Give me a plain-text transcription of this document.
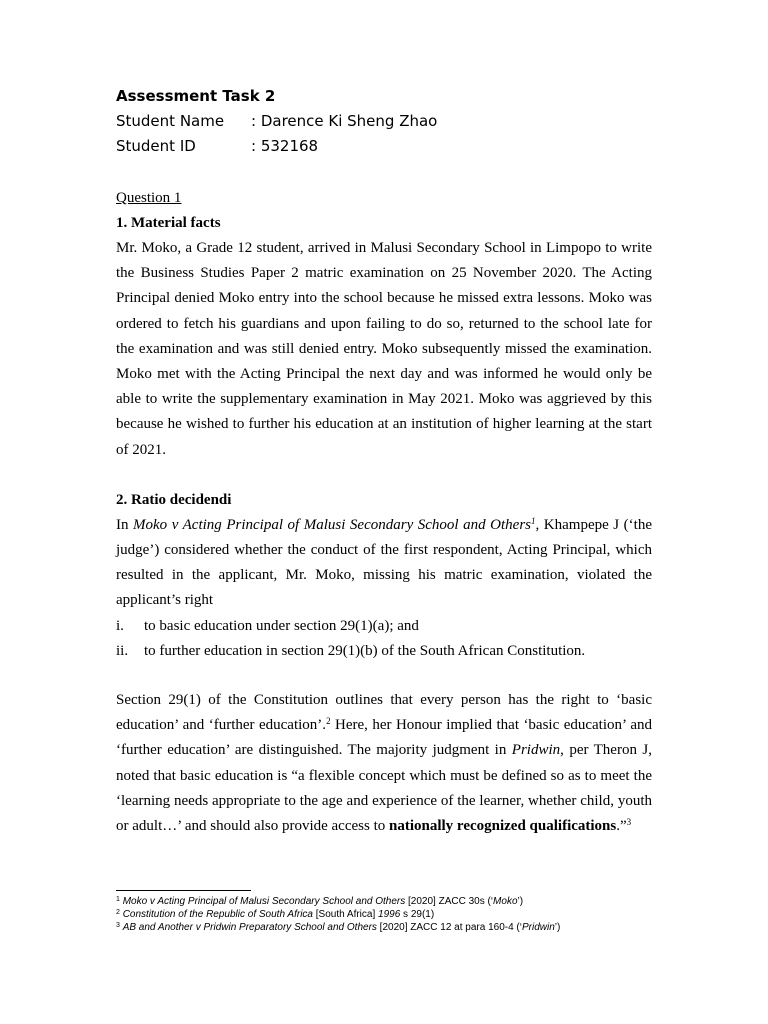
Assessment Task 2
Student Name	: Darence Ki Sheng Zhao
Student ID	: 532168
Question 1
1. Material facts

Mr. Moko, a Grade 12 student, arrived in Malusi Secondary School in Limpopo to write the Business Studies Paper 2 matric examination on 25 November 2020. The Acting Principal denied Moko entry into the school because he missed extra lessons. Moko was ordered to fetch his guardians and upon failing to do so, returned to the school late for the examination and was still denied entry. Moko subsequently missed the examination. Moko met with the Acting Principal the next day and was informed he would only be able to write the supplementary examination in May 2021. Moko was aggrieved by this because he wished to further his education at an institution of higher learning at the start of 2021.

2. Ratio decidendi

In Moko v Acting Principal of Malusi Secondary School and Others$^1$, Khampepe J (‘the judge’) considered whether the conduct of the first respondent, Acting Principal, which resulted in the applicant, Mr. Moko, missing his matric examination, violated the applicant’s right

i.	to basic education under section 29(1)(a); and
ii.	to further education in section 29(1)(b) of the South African Constitution.

Section 29(1) of the Constitution outlines that every person has the right to ‘basic education’ and ‘further education’.$^2$ Here, her Honour implied that ‘basic education’ and ‘further education’ are distinguished. The majority judgment in Pridwin, per Theron J, noted that basic education is “a flexible concept which must be defined so as to meet the ‘learning needs appropriate to the age and experience of the learner, whether child, youth or adult…’ and should also provide access to nationally recognized qualifications.”$^3$

$^1$ Moko v Acting Principal of Malusi Secondary School and Others [2020] ZACC 30s (‘Moko’)
$^2$ Constitution of the Republic of South Africa [South Africa] 1996 s 29(1)
$^3$ AB and Another v Pridwin Preparatory School and Others [2020] ZACC 12 at para 160-4 (‘Pridwin’)
